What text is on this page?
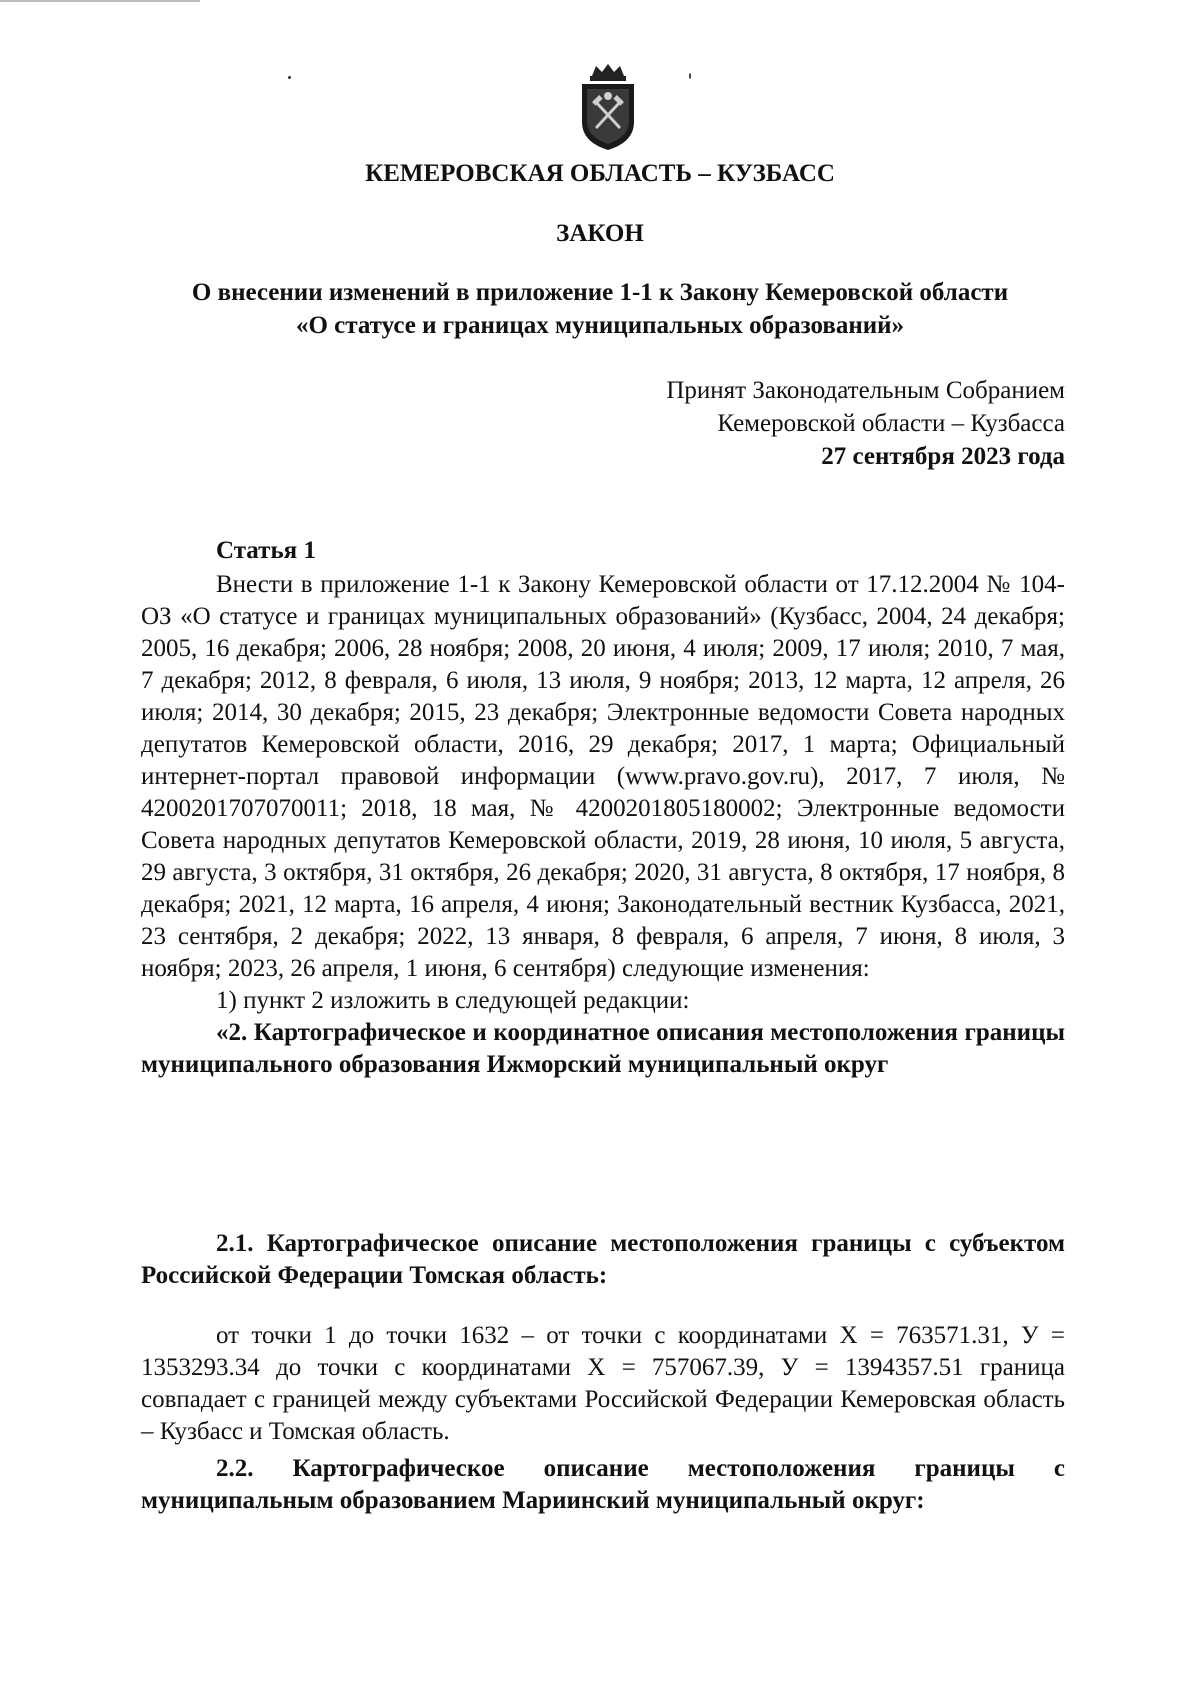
КЕМЕРОВСКАЯ ОБЛАСТЬ – КУЗБАСС
ЗАКОН
О внесении изменений в приложение 1-1 к Закону Кемеровской области
«О статусе и границах муниципальных образований»
Принят Законодательным Собранием
Кемеровской области – Кузбасса
27 сентября 2023 года
Статья 1

Внести в приложение 1-1 к Закону Кемеровской области от 17.12.2004 № 104-ОЗ «О статусе и границах муниципальных образований» (Кузбасс, 2004, 24 декабря; 2005, 16 декабря; 2006, 28 ноября; 2008, 20 июня, 4 июля; 2009, 17 июля; 2010, 7 мая, 7 декабря; 2012, 8 февраля, 6 июля, 13 июля, 9 ноября; 2013, 12 марта, 12 апреля, 26 июля; 2014, 30 декабря; 2015, 23 декабря; Электронные ведомости Совета народных депутатов Кемеровской области, 2016, 29 декабря; 2017, 1 марта; Официальный интернет-портал правовой информации (www.pravo.gov.ru), 2017, 7 июля, № 4200201707070011; 2018, 18 мая, № 4200201805180002; Электронные ведомости Совета народных депутатов Кемеровской области, 2019, 28 июня, 10 июля, 5 августа, 29 августа, 3 октября, 31 октября, 26 декабря; 2020, 31 августа, 8 октября, 17 ноября, 8 декабря; 2021, 12 марта, 16 апреля, 4 июня; Законодательный вестник Кузбасса, 2021, 23 сентября, 2 декабря; 2022, 13 января, 8 февраля, 6 апреля, 7 июня, 8 июля, 3 ноября; 2023, 26 апреля, 1 июня, 6 сентября) следующие изменения:

1) пункт 2 изложить в следующей редакции:

«2. Картографическое и координатное описания местоположения границы муниципального образования Ижморский муниципальный округ

2.1. Картографическое описание местоположения границы с субъектом Российской Федерации Томская область:

от точки 1 до точки 1632 – от точки с координатами Х = 763571.31, У = 1353293.34 до точки с координатами Х = 757067.39, У = 1394357.51 граница совпадает с границей между субъектами Российской Федерации Кемеровская область – Кузбасс и Томская область.

2.2. Картографическое описание местоположения границы с муниципальным образованием Мариинский муниципальный округ:
